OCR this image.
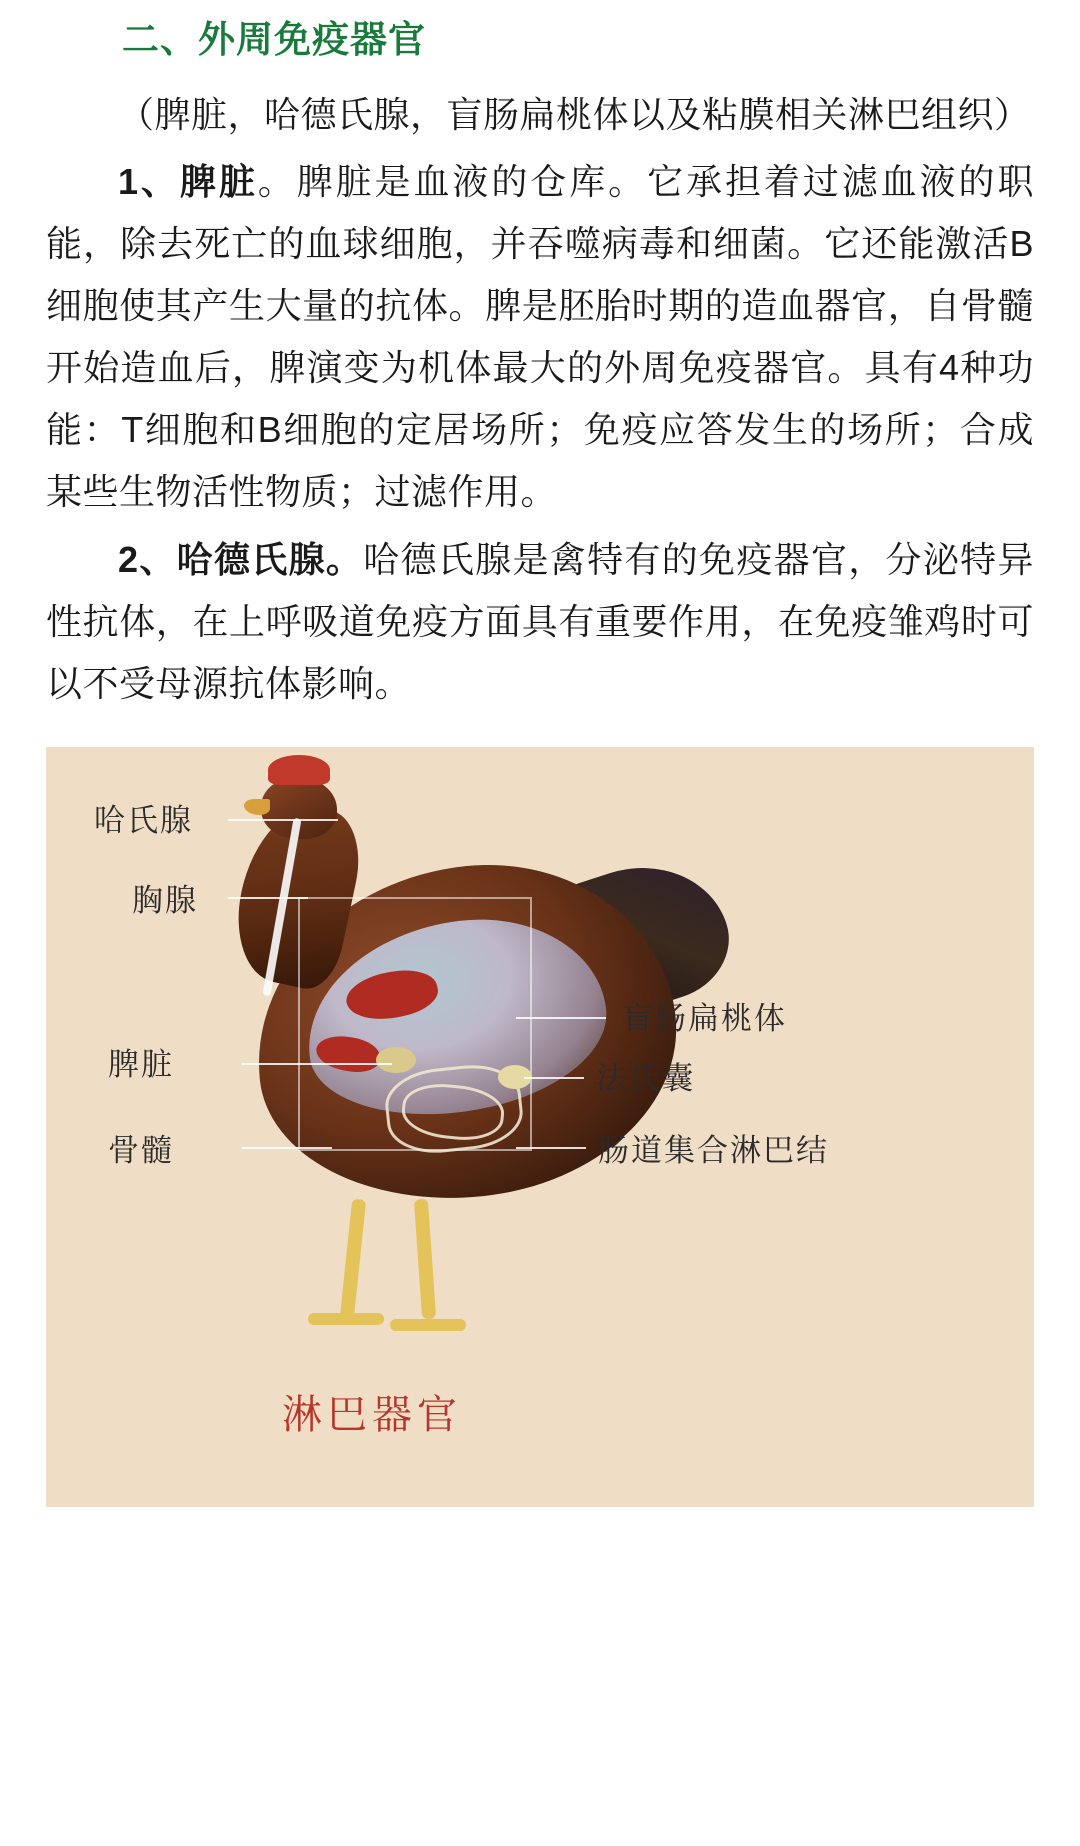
二、外周免疫器官

（脾脏，哈德氏腺，盲肠扁桃体以及粘膜相关淋巴组织）

1、脾脏。脾脏是血液的仓库。它承担着过滤血液的职能，除去死亡的血球细胞，并吞噬病毒和细菌。它还能激活B细胞使其产生大量的抗体。脾是胚胎时期的造血器官，自骨髓开始造血后，脾演变为机体最大的外周免疫器官。具有4种功能：T细胞和B细胞的定居场所；免疫应答发生的场所；合成某些生物活性物质；过滤作用。

2、哈德氏腺。哈德氏腺是禽特有的免疫器官，分泌特异性抗体，在上呼吸道免疫方面具有重要作用，在免疫雏鸡时可以不受母源抗体影响。

哈氏腺
胸腺
脾脏
骨髓
盲肠扁桃体
法氏囊
肠道集合淋巴结
淋巴器官
